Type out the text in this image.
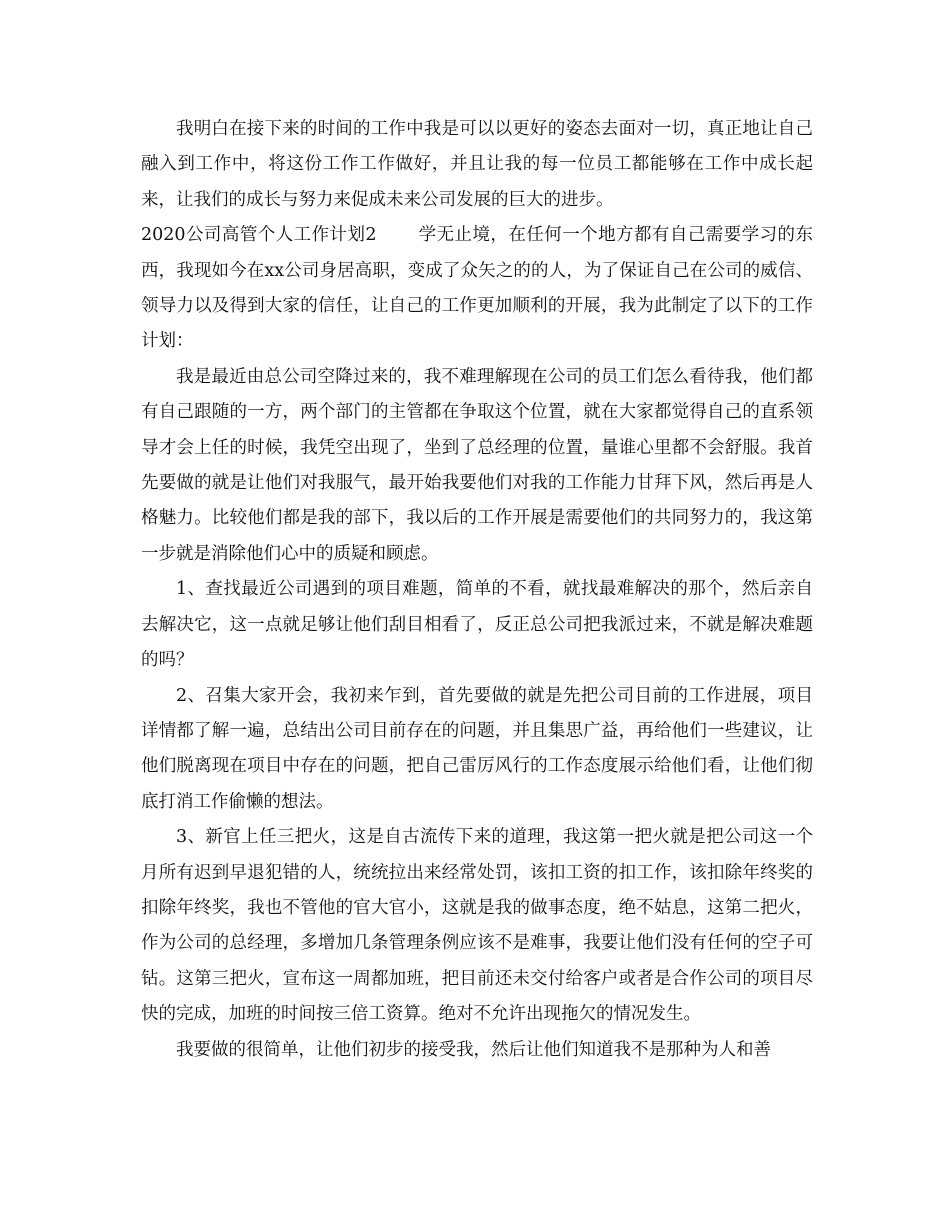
我明白在接下来的时间的工作中我是可以以更好的姿态去面对一切，真正地让自己融入到工作中，将这份工作工作做好，并且让我的每一位员工都能够在工作中成长起来，让我们的成长与努力来促成未来公司发展的巨大的进步。

2020公司高管个人工作计划2 学无止境，在任何一个地方都有自己需要学习的东西，我现如今在xx公司身居高职，变成了众矢之的的人，为了保证自己在公司的威信、领导力以及得到大家的信任，让自己的工作更加顺利的开展，我为此制定了以下的工作计划：

我是最近由总公司空降过来的，我不难理解现在公司的员工们怎么看待我，他们都有自己跟随的一方，两个部门的主管都在争取这个位置，就在大家都觉得自己的直系领导才会上任的时候，我凭空出现了，坐到了总经理的位置，量谁心里都不会舒服。我首先要做的就是让他们对我服气，最开始我要他们对我的工作能力甘拜下风，然后再是人格魅力。比较他们都是我的部下，我以后的工作开展是需要他们的共同努力的，我这第一步就是消除他们心中的质疑和顾虑。

1、查找最近公司遇到的项目难题，简单的不看，就找最难解决的那个，然后亲自去解决它，这一点就足够让他们刮目相看了，反正总公司把我派过来，不就是解决难题的吗？

2、召集大家开会，我初来乍到，首先要做的就是先把公司目前的工作进展，项目详情都了解一遍，总结出公司目前存在的问题，并且集思广益，再给他们一些建议，让他们脱离现在项目中存在的问题，把自己雷厉风行的工作态度展示给他们看，让他们彻底打消工作偷懒的想法。

3、新官上任三把火，这是自古流传下来的道理，我这第一把火就是把公司这一个月所有迟到早退犯错的人，统统拉出来经常处罚，该扣工资的扣工作，该扣除年终奖的扣除年终奖，我也不管他的官大官小，这就是我的做事态度，绝不姑息，这第二把火，作为公司的总经理，多增加几条管理条例应该不是难事，我要让他们没有任何的空子可钻。这第三把火，宣布这一周都加班，把目前还未交付给客户或者是合作公司的项目尽快的完成，加班的时间按三倍工资算。绝对不允许出现拖欠的情况发生。

我要做的很简单，让他们初步的接受我，然后让他们知道我不是那种为人和善
